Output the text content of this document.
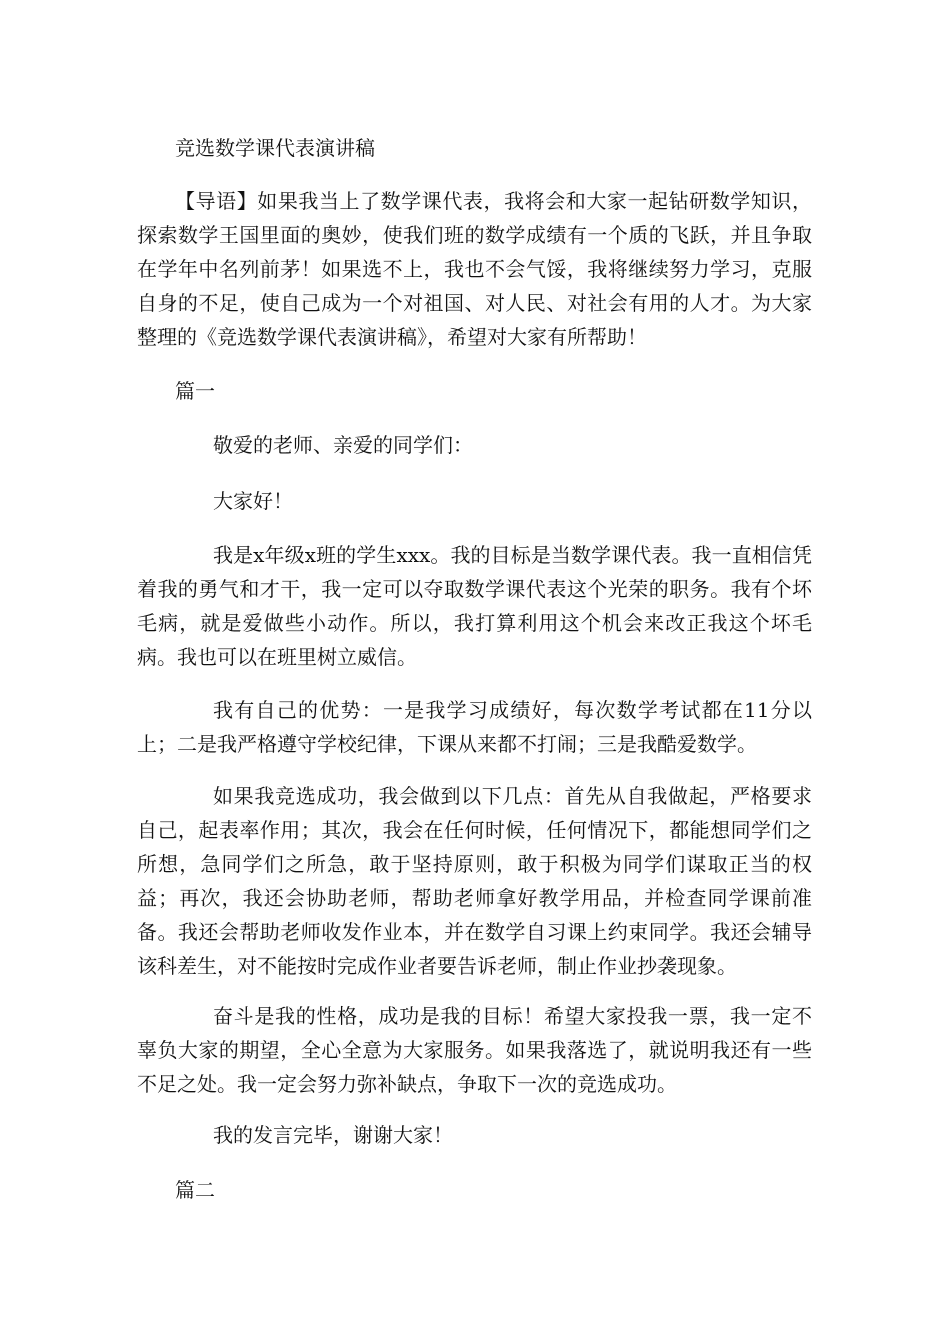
竞选数学课代表演讲稿

【导语】如果我当上了数学课代表，我将会和大家一起钻研数学知识，探索数学王国里面的奥妙，使我们班的数学成绩有一个质的飞跃，并且争取在学年中名列前茅！如果选不上，我也不会气馁，我将继续努力学习，克服自身的不足，使自己成为一个对祖国、对人民、对社会有用的人才。为大家整理的《竞选数学课代表演讲稿》，希望对大家有所帮助！

篇一

敬爱的老师、亲爱的同学们：

大家好！

我是x年级x班的学生xxx。我的目标是当数学课代表。我一直相信凭着我的勇气和才干，我一定可以夺取数学课代表这个光荣的职务。我有个坏毛病，就是爱做些小动作。所以，我打算利用这个机会来改正我这个坏毛病。我也可以在班里树立威信。

我有自己的优势：一是我学习成绩好，每次数学考试都在11分以上；二是我严格遵守学校纪律，下课从来都不打闹；三是我酷爱数学。

如果我竞选成功，我会做到以下几点：首先从自我做起，严格要求自己，起表率作用；其次，我会在任何时候，任何情况下，都能想同学们之所想，急同学们之所急，敢于坚持原则，敢于积极为同学们谋取正当的权益；再次，我还会协助老师，帮助老师拿好教学用品，并检查同学课前准备。我还会帮助老师收发作业本，并在数学自习课上约束同学。我还会辅导该科差生，对不能按时完成作业者要告诉老师，制止作业抄袭现象。

奋斗是我的性格，成功是我的目标！希望大家投我一票，我一定不辜负大家的期望，全心全意为大家服务。如果我落选了，就说明我还有一些不足之处。我一定会努力弥补缺点，争取下一次的竞选成功。

我的发言完毕，谢谢大家！

篇二
